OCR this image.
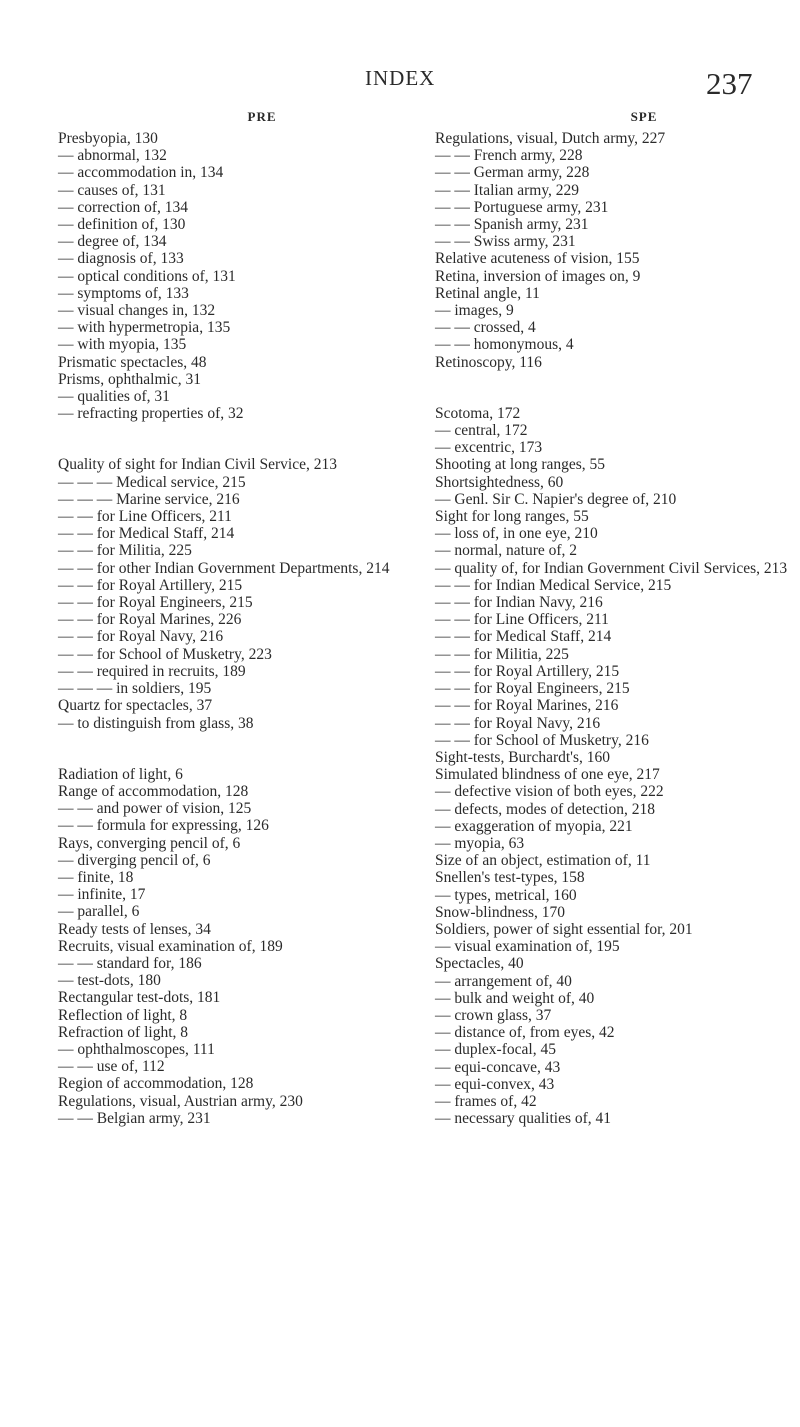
INDEX	237
PRE
Presbyopia, 130
— abnormal, 132
— accommodation in, 134
— causes of, 131
— correction of, 134
— definition of, 130
— degree of, 134
— diagnosis of, 133
— optical conditions of, 131
— symptoms of, 133
— visual changes in, 132
— with hypermetropia, 135
— with myopia, 135
Prismatic spectacles, 48
Prisms, ophthalmic, 31
— qualities of, 31
— refracting properties of, 32
Quality of sight for Indian Civil Service, 213
— — — Medical service, 215
— — — Marine service, 216
— — for Line Officers, 211
— — for Medical Staff, 214
— — for Militia, 225
— — for other Indian Government Departments, 214
— — for Royal Artillery, 215
— — for Royal Engineers, 215
— — for Royal Marines, 226
— — for Royal Navy, 216
— — for School of Musketry, 223
— — required in recruits, 189
— — — in soldiers, 195
Quartz for spectacles, 37
— to distinguish from glass, 38
Radiation of light, 6
Range of accommodation, 128
— — and power of vision, 125
— — formula for expressing, 126
Rays, converging pencil of, 6
— diverging pencil of, 6
— finite, 18
— infinite, 17
— parallel, 6
Ready tests of lenses, 34
Recruits, visual examination of, 189
— — standard for, 186
— test-dots, 180
Rectangular test-dots, 181
Reflection of light, 8
Refraction of light, 8
— ophthalmoscopes, 111
— — use of, 112
Region of accommodation, 128
Regulations, visual, Austrian army, 230
— — Belgian army, 231
SPE
Regulations, visual, Dutch army, 227
— — French army, 228
— — German army, 228
— — Italian army, 229
— — Portuguese army, 231
— — Spanish army, 231
— — Swiss army, 231
Relative acuteness of vision, 155
Retina, inversion of images on, 9
Retinal angle, 11
— images, 9
— — crossed, 4
— — homonymous, 4
Retinoscopy, 116
Scotoma, 172
— central, 172
— excentric, 173
Shooting at long ranges, 55
Shortsightedness, 60
— Genl. Sir C. Napier's degree of, 210
Sight for long ranges, 55
— loss of, in one eye, 210
— normal, nature of, 2
— quality of, for Indian Government Civil Services, 213
— — for Indian Medical Service, 215
— — for Indian Navy, 216
— — for Line Officers, 211
— — for Medical Staff, 214
— — for Militia, 225
— — for Royal Artillery, 215
— — for Royal Engineers, 215
— — for Royal Marines, 216
— — for Royal Navy, 216
— — for School of Musketry, 216
Sight-tests, Burchardt's, 160
Simulated blindness of one eye, 217
— defective vision of both eyes, 222
— defects, modes of detection, 218
— exaggeration of myopia, 221
— myopia, 63
Size of an object, estimation of, 11
Snellen's test-types, 158
— types, metrical, 160
Snow-blindness, 170
Soldiers, power of sight essential for, 201
— visual examination of, 195
Spectacles, 40
— arrangement of, 40
— bulk and weight of, 40
— crown glass, 37
— distance of, from eyes, 42
— duplex-focal, 45
— equi-concave, 43
— equi-convex, 43
— frames of, 42
— necessary qualities of, 41
